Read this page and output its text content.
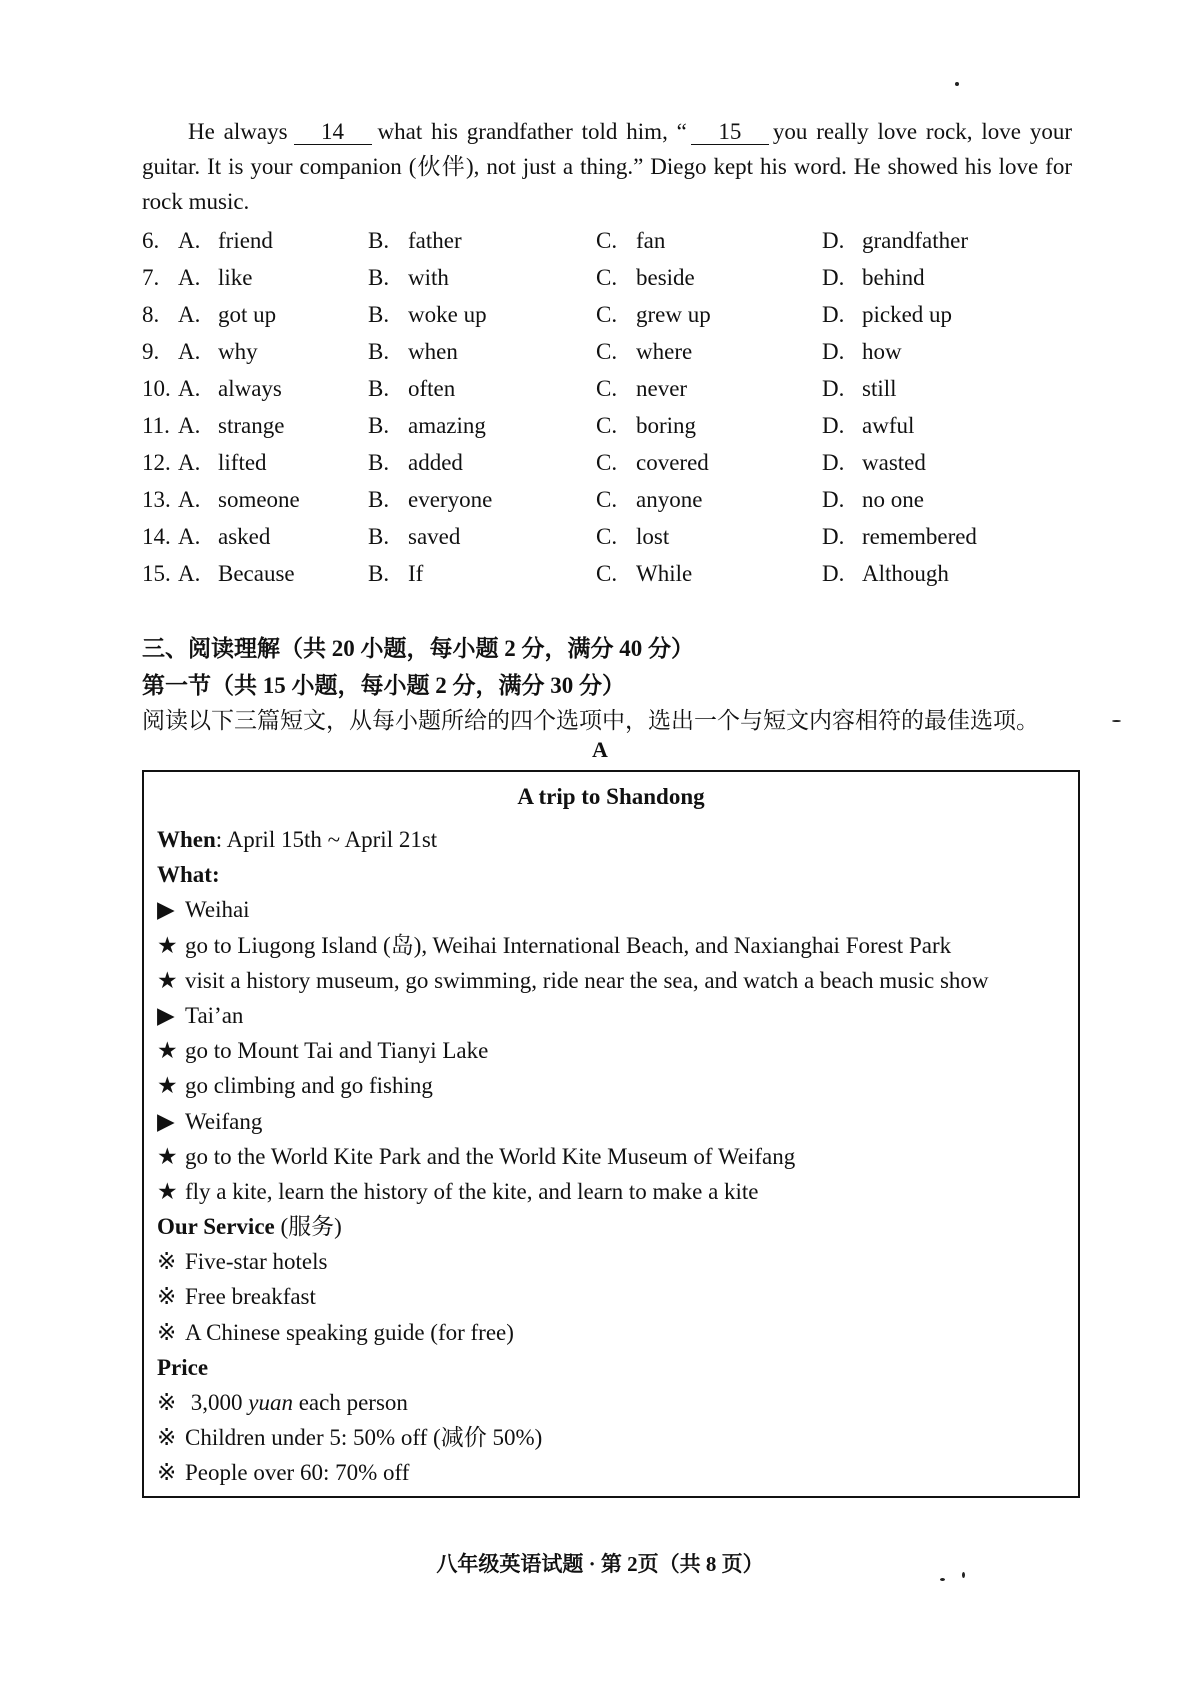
He always 14 what his grandfather told him, “ 15 you really love rock, love your guitar. It is your companion (伙伴), not just a thing.” Diego kept his word. He showed his love for rock music.
6. A. friend	B. father	C. fan	D. grandfather
7. A. like	B. with	C. beside	D. behind
8. A. got up	B. woke up	C. grew up	D. picked up
9. A. why	B. when	C. where	D. how
10. A. always	B. often	C. never	D. still
11. A. strange	B. amazing	C. boring	D. awful
12. A. lifted	B. added	C. covered	D. wasted
13. A. someone	B. everyone	C. anyone	D. no one
14. A. asked	B. saved	C. lost	D. remembered
15. A. Because	B. If	C. While	D. Although
三、阅读理解（共 20 小题，每小题 2 分，满分 40 分）
第一节（共 15 小题，每小题 2 分，满分 30 分）
阅读以下三篇短文，从每小题所给的四个选项中，选出一个与短文内容相符的最佳选项。
A
A trip to Shandong
When: April 15th ~ April 21st
What:
▶ Weihai
★ go to Liugong Island (岛), Weihai International Beach, and Naxianghai Forest Park
★ visit a history museum, go swimming, ride near the sea, and watch a beach music show
▶ Tai’an
★ go to Mount Tai and Tianyi Lake
★ go climbing and go fishing
▶ Weifang
★ go to the World Kite Park and the World Kite Museum of Weifang
★ fly a kite, learn the history of the kite, and learn to make a kite
Our Service (服务)
※ Five-star hotels
※ Free breakfast
※ A Chinese speaking guide (for free)
Price
※ 3,000 yuan each person
※ Children under 5: 50% off (减价 50%)
※ People over 60: 70% off
八年级英语试题 · 第 2页（共 8 页）
